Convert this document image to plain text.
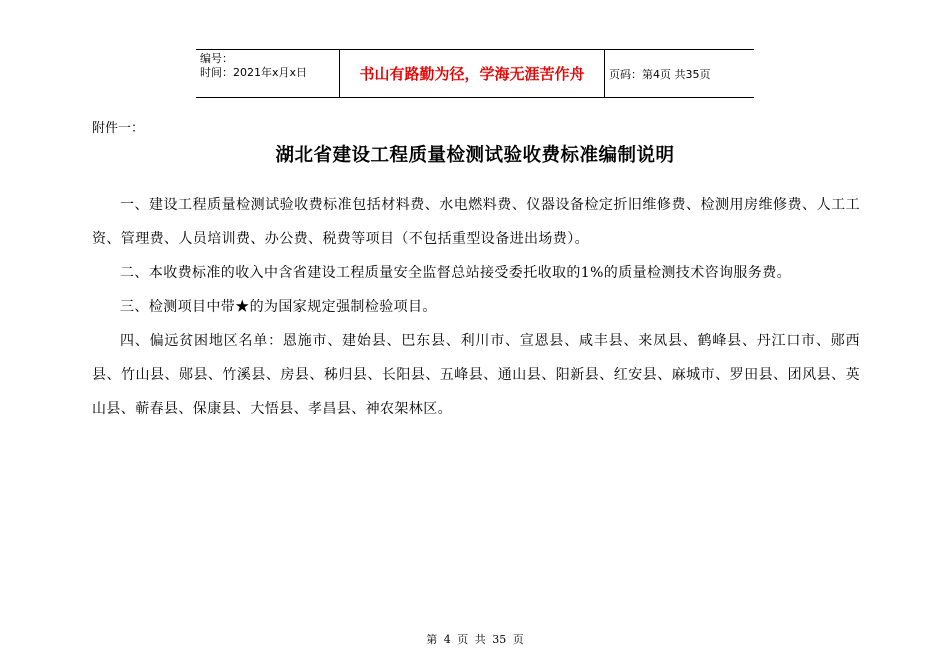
编号：
时间：2021年x月x日	书山有路勤为径，学海无涯苦作舟	页码：第4页 共35页
附件一：
湖北省建设工程质量检测试验收费标准编制说明

一、建设工程质量检测试验收费标准包括材料费、水电燃料费、仪器设备检定折旧维修费、检测用房维修费、人工工资、管理费、人员培训费、办公费、税费等项目（不包括重型设备进出场费）。

二、本收费标准的收入中含省建设工程质量安全监督总站接受委托收取的1%的质量检测技术咨询服务费。

三、检测项目中带★的为国家规定强制检验项目。

四、偏远贫困地区名单：恩施市、建始县、巴东县、利川市、宣恩县、咸丰县、来凤县、鹤峰县、丹江口市、郧西县、竹山县、郧县、竹溪县、房县、秭归县、长阳县、五峰县、通山县、阳新县、红安县、麻城市、罗田县、团风县、英山县、蕲春县、保康县、大悟县、孝昌县、神农架林区。

第 4 页 共 35 页
